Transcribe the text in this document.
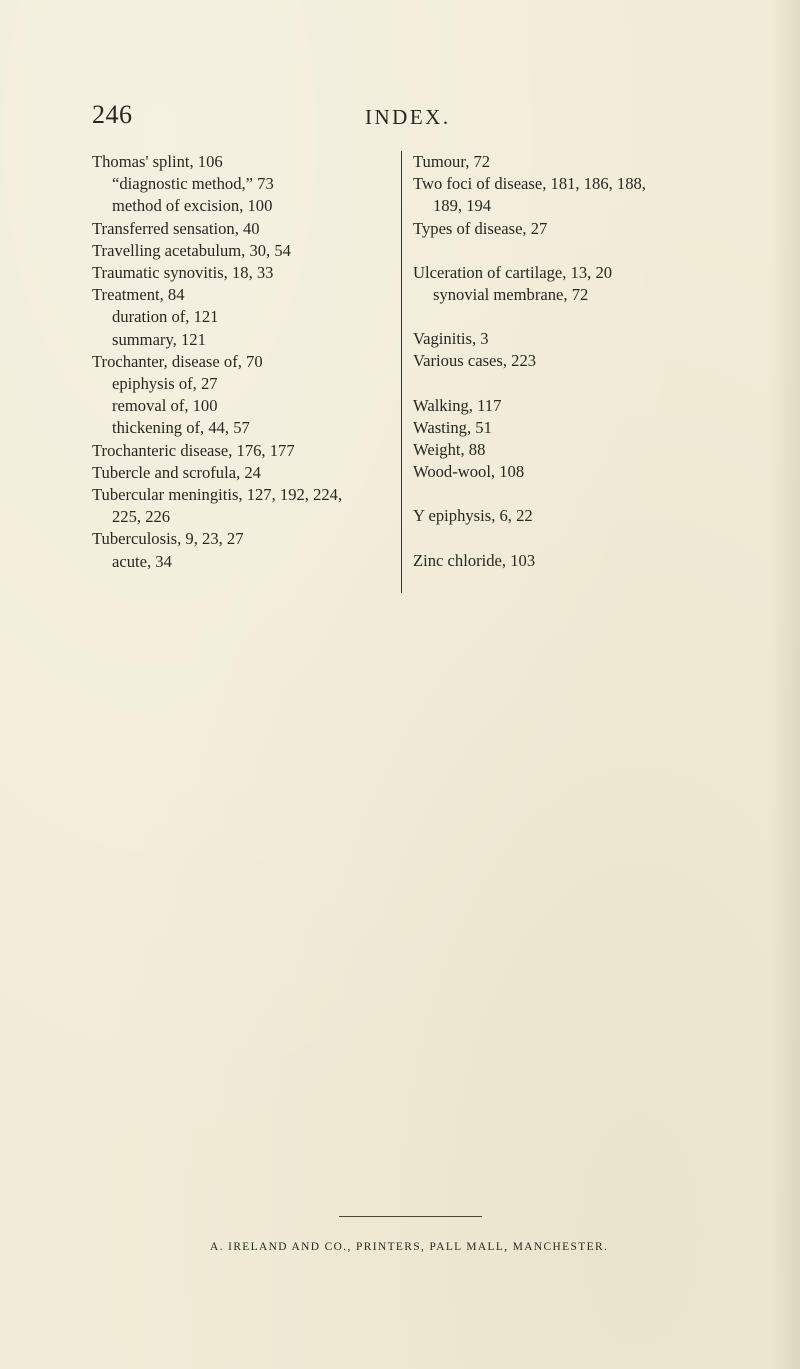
246	INDEX.
Thomas' splint, 106
“diagnostic method,” 73
method of excision, 100
Transferred sensation, 40
Travelling acetabulum, 30, 54
Traumatic synovitis, 18, 33
Treatment, 84
duration of, 121
summary, 121
Trochanter, disease of, 70
epiphysis of, 27
removal of, 100
thickening of, 44, 57
Trochanteric disease, 176, 177
Tubercle and scrofula, 24
Tubercular meningitis, 127, 192, 224,
225, 226
Tuberculosis, 9, 23, 27
acute, 34
Tumour, 72
Two foci of disease, 181, 186, 188,
189, 194
Types of disease, 27
Ulceration of cartilage, 13, 20
synovial membrane, 72
Vaginitis, 3
Various cases, 223
Walking, 117
Wasting, 51
Weight, 88
Wood-wool, 108
Y epiphysis, 6, 22
Zinc chloride, 103
A. IRELAND AND CO., PRINTERS, PALL MALL, MANCHESTER.
